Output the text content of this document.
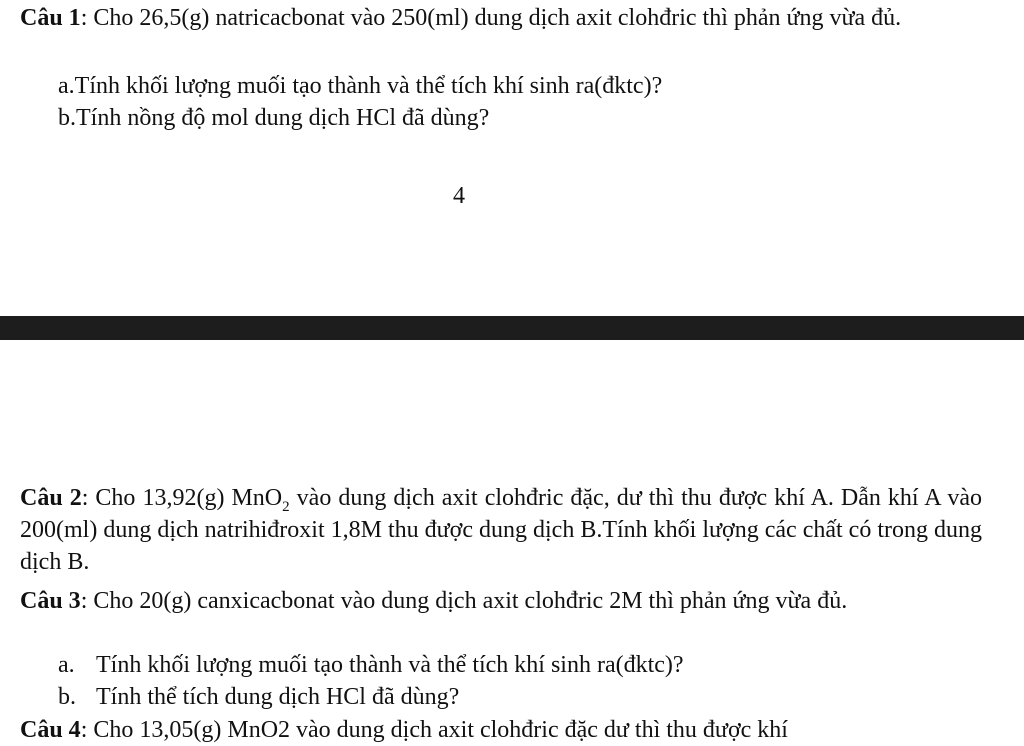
Câu 1: Cho 26,5(g) natricacbonat vào 250(ml) dung dịch axit clohđric thì phản ứng vừa đủ.

a.Tính khối lượng muối tạo thành và thể tích khí sinh ra(đktc)?

b.Tính nồng độ mol dung dịch HCl đã dùng?

4

Câu 2: Cho 13,92(g) MnO$_2$ vào dung dịch axit clohđric đặc, dư thì thu được khí A. Dẫn khí A vào 200(ml) dung dịch natrihiđroxit 1,8M thu được dung dịch B.Tính khối lượng các chất có trong dung dịch B.

Câu 3: Cho 20(g) canxicacbonat vào dung dịch axit clohđric 2M thì phản ứng vừa đủ.

a. Tính khối lượng muối tạo thành và thể tích khí sinh ra(đktc)?

b. Tính thể tích dung dịch HCl đã dùng?

Câu 4: Cho 13,05(g) MnO2 vào dung dịch axit clohđric đặc dư thì thu được khí
